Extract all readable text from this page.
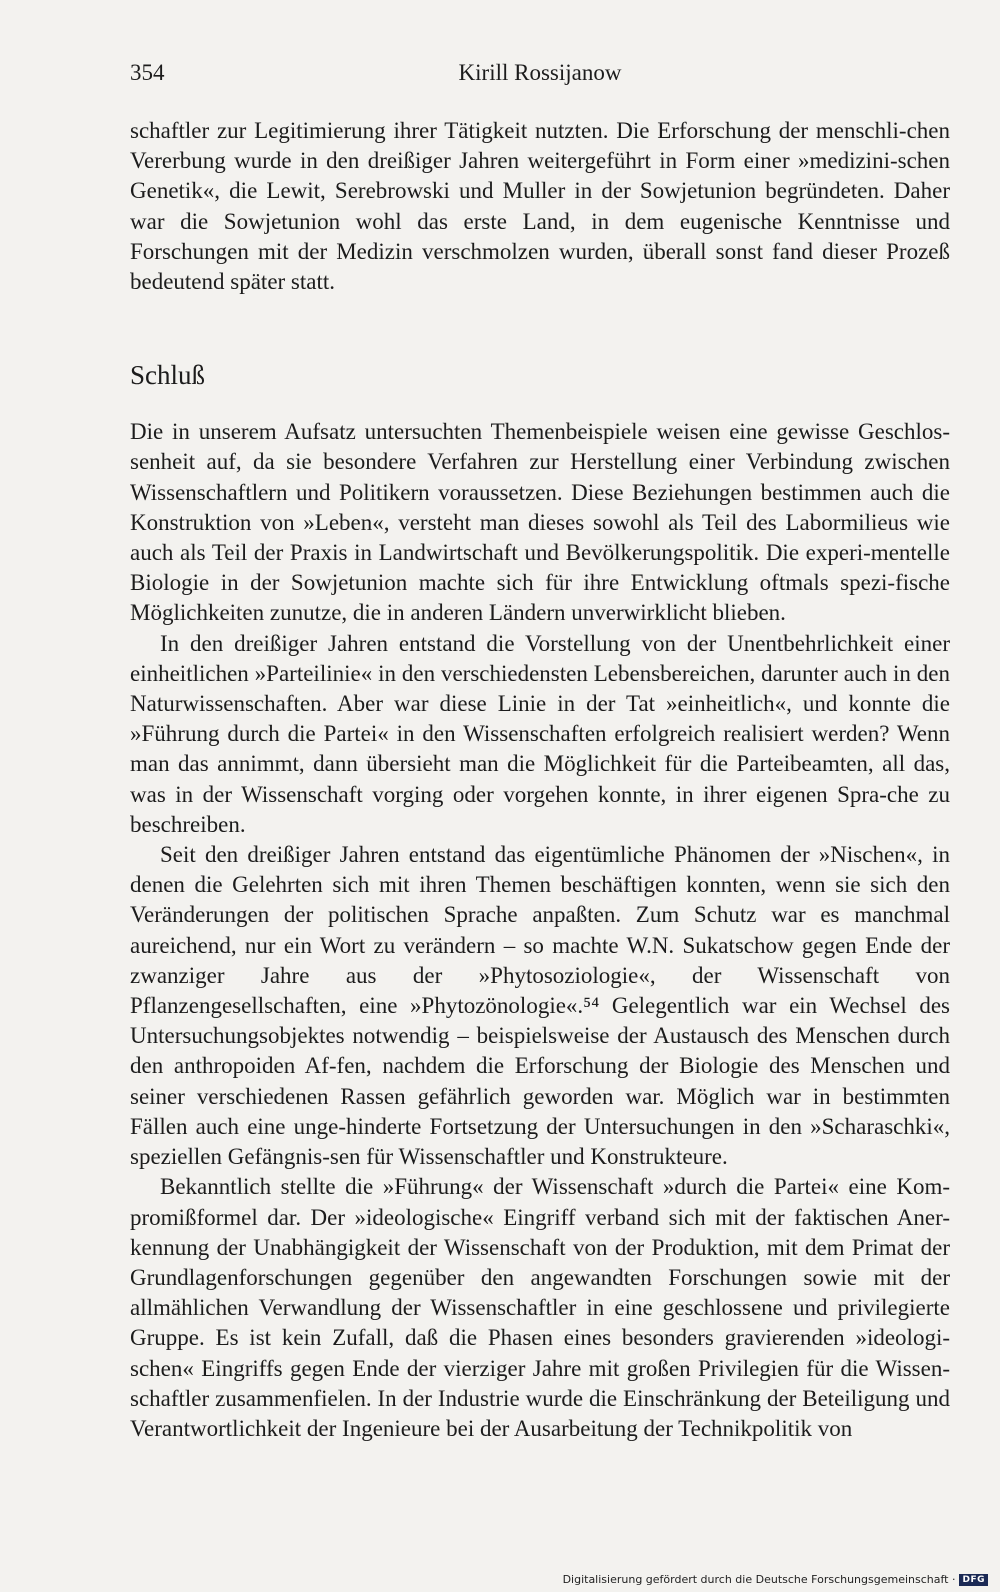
354	Kirill Rossijanow

schaftler zur Legitimierung ihrer Tätigkeit nutzten. Die Erforschung der menschli-chen Vererbung wurde in den dreißiger Jahren weitergeführt in Form einer »medizini-schen Genetik«, die Lewit, Serebrowski und Muller in der Sowjetunion begründeten. Daher war die Sowjetunion wohl das erste Land, in dem eugenische Kenntnisse und Forschungen mit der Medizin verschmolzen wurden, überall sonst fand dieser Prozeß bedeutend später statt.

Schluß

Die in unserem Aufsatz untersuchten Themenbeispiele weisen eine gewisse Geschlos-senheit auf, da sie besondere Verfahren zur Herstellung einer Verbindung zwischen Wissenschaftlern und Politikern voraussetzen. Diese Beziehungen bestimmen auch die Konstruktion von »Leben«, versteht man dieses sowohl als Teil des Labormilieus wie auch als Teil der Praxis in Landwirtschaft und Bevölkerungspolitik. Die experi-mentelle Biologie in der Sowjetunion machte sich für ihre Entwicklung oftmals spezi-fische Möglichkeiten zunutze, die in anderen Ländern unverwirklicht blieben.

In den dreißiger Jahren entstand die Vorstellung von der Unentbehrlichkeit einer einheitlichen »Parteilinie« in den verschiedensten Lebensbereichen, darunter auch in den Naturwissenschaften. Aber war diese Linie in der Tat »einheitlich«, und konnte die »Führung durch die Partei« in den Wissenschaften erfolgreich realisiert werden? Wenn man das annimmt, dann übersieht man die Möglichkeit für die Parteibeamten, all das, was in der Wissenschaft vorging oder vorgehen konnte, in ihrer eigenen Spra-che zu beschreiben.

Seit den dreißiger Jahren entstand das eigentümliche Phänomen der »Nischen«, in denen die Gelehrten sich mit ihren Themen beschäftigen konnten, wenn sie sich den Veränderungen der politischen Sprache anpaßten. Zum Schutz war es manchmal aureichend, nur ein Wort zu verändern – so machte W.N. Sukatschow gegen Ende der zwanziger Jahre aus der »Phytosoziologie«, der Wissenschaft von Pflanzengesellschaften, eine »Phytozönologie«.⁵⁴ Gelegentlich war ein Wechsel des Untersuchungsobjektes notwendig – beispielsweise der Austausch des Menschen durch den anthropoiden Af-fen, nachdem die Erforschung der Biologie des Menschen und seiner verschiedenen Rassen gefährlich geworden war. Möglich war in bestimmten Fällen auch eine unge-hinderte Fortsetzung der Untersuchungen in den »Scharaschki«, speziellen Gefängnis-sen für Wissenschaftler und Konstrukteure.

Bekanntlich stellte die »Führung« der Wissenschaft »durch die Partei« eine Kom-promißformel dar. Der »ideologische« Eingriff verband sich mit der faktischen Aner-kennung der Unabhängigkeit der Wissenschaft von der Produktion, mit dem Primat der Grundlagenforschungen gegenüber den angewandten Forschungen sowie mit der allmählichen Verwandlung der Wissenschaftler in eine geschlossene und privilegierte Gruppe. Es ist kein Zufall, daß die Phasen eines besonders gravierenden »ideologi-schen« Eingriffs gegen Ende der vierziger Jahre mit großen Privilegien für die Wissen-schaftler zusammenfielen. In der Industrie wurde die Einschränkung der Beteiligung und Verantwortlichkeit der Ingenieure bei der Ausarbeitung der Technikpolitik von

Digitalisierung gefördert durch die Deutsche Forschungsgemeinschaft · DFG
